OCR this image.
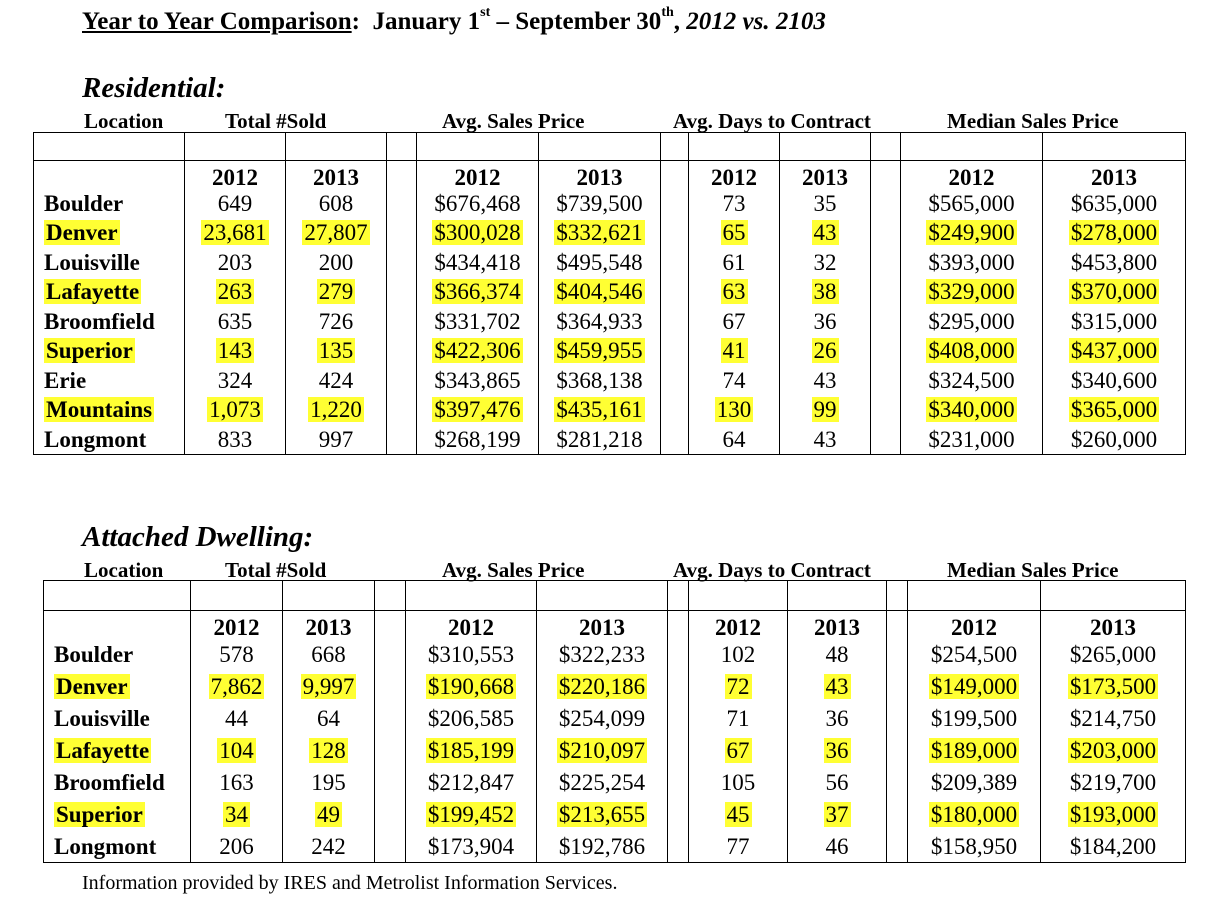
Year to Year Comparison: January 1st – September 30th, 2012 vs. 2103
Residential:
Location	Total #Sold	Avg. Sales Price	Avg. Days to Contract	Median Sales Price

	2012	2013		2012	2013		2012	2013		2012	2013
Boulder	649	608		$676,468	$739,500		73	35		$565,000	$635,000
Denver	23,681	27,807		$300,028	$332,621		65	43		$249,900	$278,000
Louisville	203	200		$434,418	$495,548		61	32		$393,000	$453,800
Lafayette	263	279		$366,374	$404,546		63	38		$329,000	$370,000
Broomfield	635	726		$331,702	$364,933		67	36		$295,000	$315,000
Superior	143	135		$422,306	$459,955		41	26		$408,000	$437,000
Erie	324	424		$343,865	$368,138		74	43		$324,500	$340,600
Mountains	1,073	1,220		$397,476	$435,161		130	99		$340,000	$365,000
Longmont	833	997		$268,199	$281,218		64	43		$231,000	$260,000
Attached Dwelling:
Location	Total #Sold	Avg. Sales Price	Avg. Days to Contract	Median Sales Price

	2012	2013		2012	2013		2012	2013		2012	2013
Boulder	578	668		$310,553	$322,233		102	48		$254,500	$265,000
Denver	7,862	9,997		$190,668	$220,186		72	43		$149,000	$173,500
Louisville	44	64		$206,585	$254,099		71	36		$199,500	$214,750
Lafayette	104	128		$185,199	$210,097		67	36		$189,000	$203,000
Broomfield	163	195		$212,847	$225,254		105	56		$209,389	$219,700
Superior	34	49		$199,452	$213,655		45	37		$180,000	$193,000
Longmont	206	242		$173,904	$192,786		77	46		$158,950	$184,200
Information provided by IRES and Metrolist Information Services.
